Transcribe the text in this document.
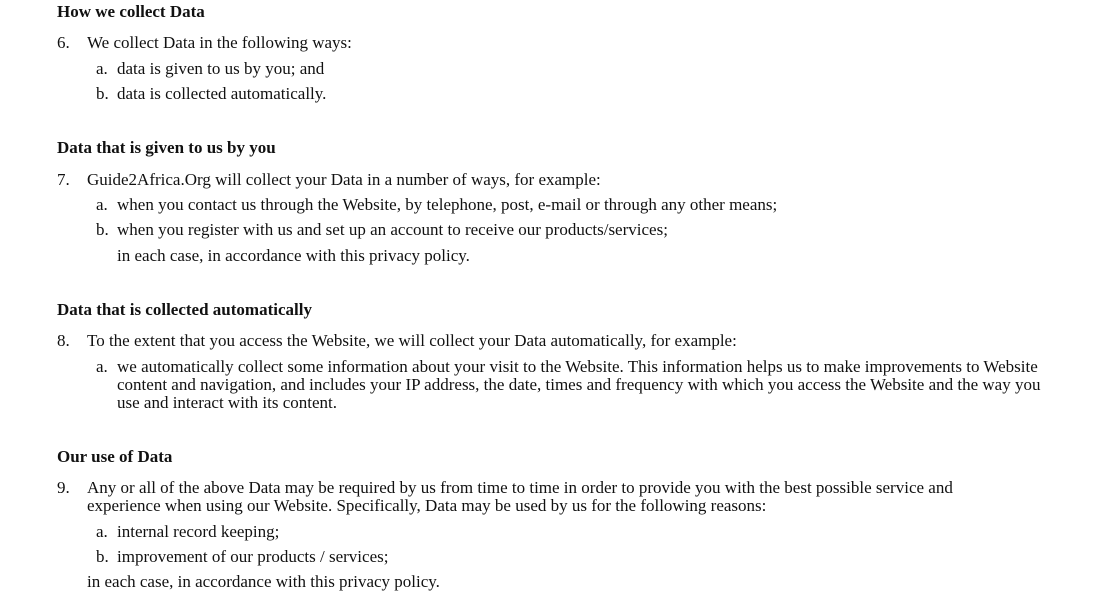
How we collect Data
6. We collect Data in the following ways:
a. data is given to us by you; and
b. data is collected automatically.
Data that is given to us by you
7. Guide2Africa.Org will collect your Data in a number of ways, for example:
a. when you contact us through the Website, by telephone, post, e-mail or through any other means;
b. when you register with us and set up an account to receive our products/services;
in each case, in accordance with this privacy policy.
Data that is collected automatically
8. To the extent that you access the Website, we will collect your Data automatically, for example:
a. we automatically collect some information about your visit to the Website. This information helps us to make improvements to Website content and navigation, and includes your IP address, the date, times and frequency with which you access the Website and the way you use and interact with its content.
Our use of Data
9. Any or all of the above Data may be required by us from time to time in order to provide you with the best possible service and experience when using our Website. Specifically, Data may be used by us for the following reasons:
a. internal record keeping;
b. improvement of our products / services;
in each case, in accordance with this privacy policy.
